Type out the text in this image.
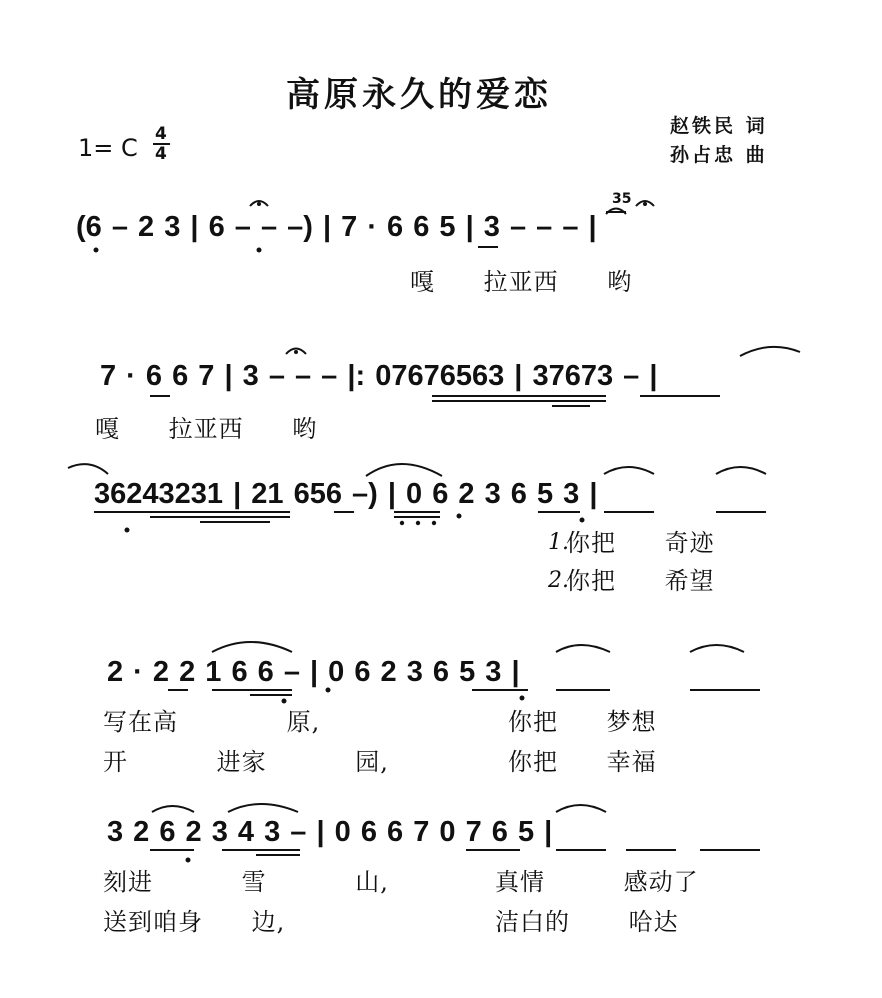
高原永久的爱恋
赵铁民 词
孙占忠 曲
1= C 4
4
(6 – 2 3 | 6 – – –) | 7 · 6 6 5 | 3 – – – |
35
嘎 拉亚西 哟
7 · 6 6 7 | 3 – – – |: 07676563 | 37673 – |
嘎 拉亚西 哟
36243231 | 21 656 –) | 0 6 2 3 6 5 3 |
1.
你把 奇迹
2.
你把 希望
2 · 2 2 1 6 6 – | 0 6 2 3 6 5 3 |
写在高 原,	你把 梦想
开 进家 园,	你把 幸福
3 2 6 2 3 4 3 – | 0 6 6 7 0 7 6 5 |
刻进 雪 山,	真情 感动了
送到咱身 边,	洁白的 哈达
